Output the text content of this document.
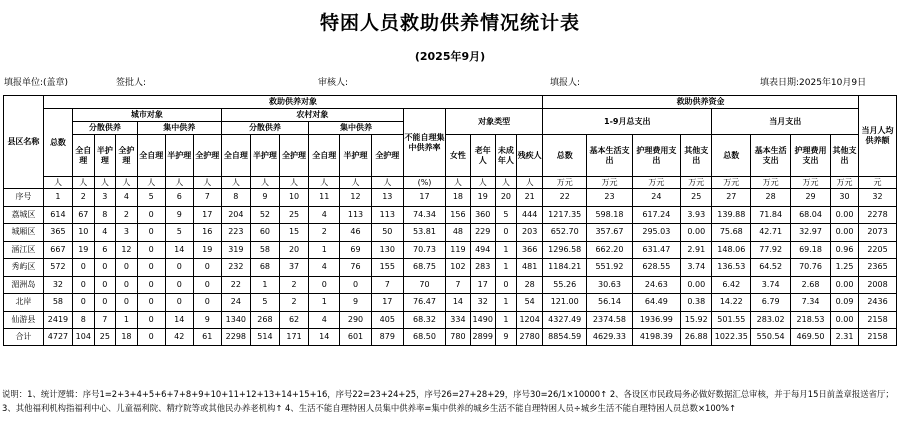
特困人员救助供养情况统计表
(2025年9月)
填报单位:(盖章)	签批人:	审核人:	填报人:	填表日期:2025年10月9日
县区名称	救助供养对象																		救助供养资金								当月人均供养额
	总数	城市对象						农村对象						不能自理集中供养率	对象类型				1-9月总支出				当月支出				
		分散供养			集中供养			分散供养			集中供养																
		全自理	半护理	全护理	全自理	半护理	全护理	全自理	半护理	全护理	全自理	半护理	全护理		女性	老年人	未成年人	残疾人	总数	基本生活支出	护理费用支出	其他支出	总数	基本生活支出	护理费用支出	其他支出	
	人	人	人	人	人	人	人	人	人	人	人	人	人	(%)	人	人	人	人	万元	万元	万元	万元	万元	万元	万元	万元	元
序号	1	2	3	4	5	6	7	8	9	10	11	12	13	17	18	19	20	21	22	23	24	25	27	28	29	30	32
荔城区	614	67	8	2	0	9	17	204	52	25	4	113	113	74.34	156	360	5	444	1217.35	598.18	617.24	3.93	139.88	71.84	68.04	0.00	2278
城厢区	365	10	4	3	0	5	16	223	60	15	2	46	50	53.81	48	229	0	203	652.70	357.67	295.03	0.00	75.68	42.71	32.97	0.00	2073
涵江区	667	19	6	12	0	14	19	319	58	20	1	69	130	70.73	119	494	1	366	1296.58	662.20	631.47	2.91	148.06	77.92	69.18	0.96	2205
秀屿区	572	0	0	0	0	0	0	232	68	37	4	76	155	68.75	102	283	1	481	1184.21	551.92	628.55	3.74	136.53	64.52	70.76	1.25	2365
湄洲岛	32	0	0	0	0	0	0	22	1	2	0	0	7	70	7	17	0	28	55.26	30.63	24.63	0.00	6.42	3.74	2.68	0.00	2008
北岸	58	0	0	0	0	0	0	24	5	2	1	9	17	76.47	14	32	1	54	121.00	56.14	64.49	0.38	14.22	6.79	7.34	0.09	2436
仙游县	2419	8	7	1	0	14	9	1340	268	62	4	290	405	68.32	334	1490	1	1204	4327.49	2374.58	1936.99	15.92	501.55	283.02	218.53	0.00	2158
合计	4727	104	25	18	0	42	61	2298	514	171	14	601	879	68.50	780	2899	9	2780	8854.59	4629.33	4198.39	26.88	1022.35	550.54	469.50	2.31	2158
说明：1、统计逻辑：序号1=2+3+4+5+6+7+8+9+10+11+12+13+14+15+16，序号22=23+24+25，序号26=27+28+29，序号30=26/1×10000↑ 2、各设区市民政局务必做好数据汇总审核，并于每月15日前盖章报送省厅；3、其他福利机构指福利中心、儿童福利院、精疗院等或其他民办养老机构↑ 4、生活不能自理特困人员集中供养率=集中供养的城乡生活不能自理特困人员÷城乡生活不能自理特困人员总数×100%↑
